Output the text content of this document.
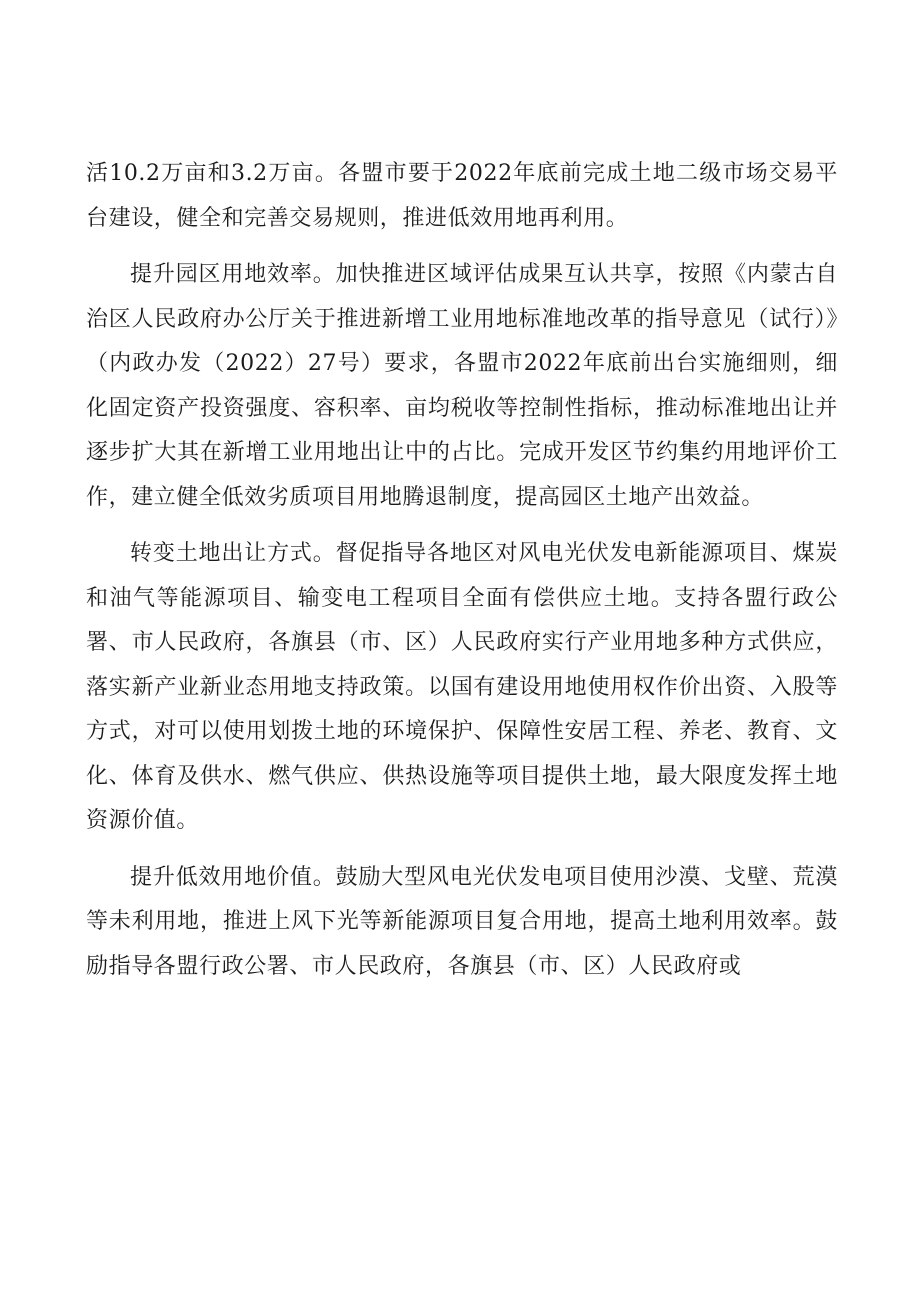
活10.2万亩和3.2万亩。各盟市要于2022年底前完成土地二级市场交易平台建设，健全和完善交易规则，推进低效用地再利用。

提升园区用地效率。加快推进区域评估成果互认共享，按照《内蒙古自治区人民政府办公厅关于推进新增工业用地标准地改革的指导意见（试行）》（内政办发（2022）27号）要求，各盟市2022年底前出台实施细则，细化固定资产投资强度、容积率、亩均税收等控制性指标，推动标准地出让并逐步扩大其在新增工业用地出让中的占比。完成开发区节约集约用地评价工作，建立健全低效劣质项目用地腾退制度，提高园区土地产出效益。

转变土地出让方式。督促指导各地区对风电光伏发电新能源项目、煤炭和油气等能源项目、输变电工程项目全面有偿供应土地。支持各盟行政公署、市人民政府，各旗县（市、区）人民政府实行产业用地多种方式供应，落实新产业新业态用地支持政策。以国有建设用地使用权作价出资、入股等方式，对可以使用划拨土地的环境保护、保障性安居工程、养老、教育、文化、体育及供水、燃气供应、供热设施等项目提供土地，最大限度发挥土地资源价值。

提升低效用地价值。鼓励大型风电光伏发电项目使用沙漠、戈壁、荒漠等未利用地，推进上风下光等新能源项目复合用地，提高土地利用效率。鼓励指导各盟行政公署、市人民政府，各旗县（市、区）人民政府或
